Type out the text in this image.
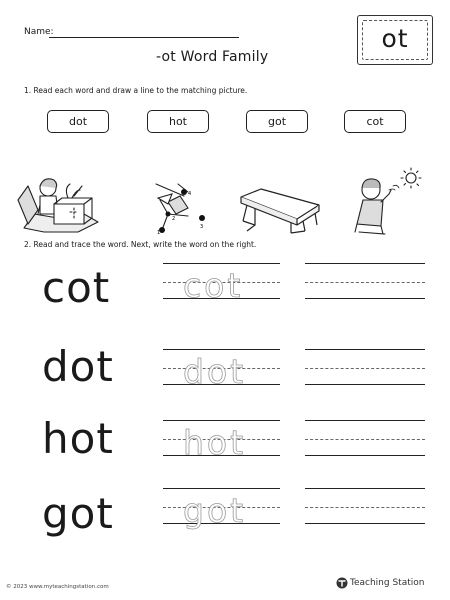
Name:
-ot Word Family
ot
1. Read each word and draw a line to the matching picture.
dot	hot	got	cot
4
1
2
3
2. Read and trace the word. Next, write the word on the right.
cot cot
dot dot
hot hot
got got
© 2023 www.myteachingstation.com	Teaching Station
